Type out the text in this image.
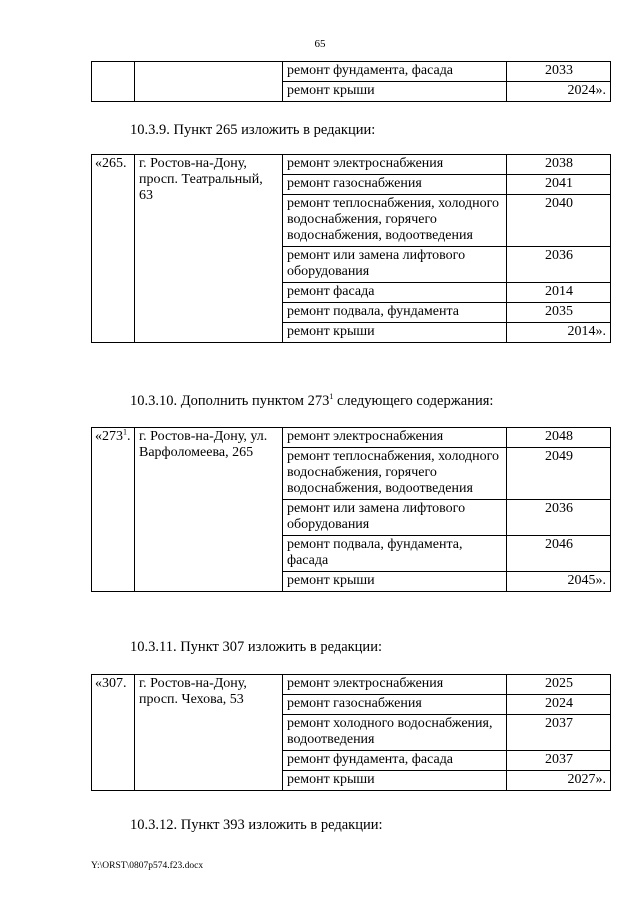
65
		ремонт фундамента, фасада	2033
		ремонт крыши	2024».
10.3.9. Пункт 265 изложить в редакции:
«265.	г. Ростов-на-Дону, просп. Театральный, 63	ремонт электроснабжения	2038
		ремонт газоснабжения	2041
		ремонт теплоснабжения, холодного водоснабжения, горячего водоснабжения, водоотведения	2040
		ремонт или замена лифтового оборудования	2036
		ремонт фасада	2014
		ремонт подвала, фундамента	2035
		ремонт крыши	2014».
10.3.10. Дополнить пунктом $273^1$ следующего содержания:
«$273^1$.	г. Ростов-на-Дону, ул. Варфоломеева, 265	ремонт электроснабжения	2048
		ремонт теплоснабжения, холодного водоснабжения, горячего водоснабжения, водоотведения	2049
		ремонт или замена лифтового оборудования	2036
		ремонт подвала, фундамента, фасада	2046
		ремонт крыши	2045».
10.3.11. Пункт 307 изложить в редакции:
«307.	г. Ростов-на-Дону, просп. Чехова, 53	ремонт электроснабжения	2025
		ремонт газоснабжения	2024
		ремонт холодного водоснабжения, водоотведения	2037
		ремонт фундамента, фасада	2037
		ремонт крыши	2027».
10.3.12. Пункт 393 изложить в редакции:
Y:\ORST\0807p574.f23.docx
